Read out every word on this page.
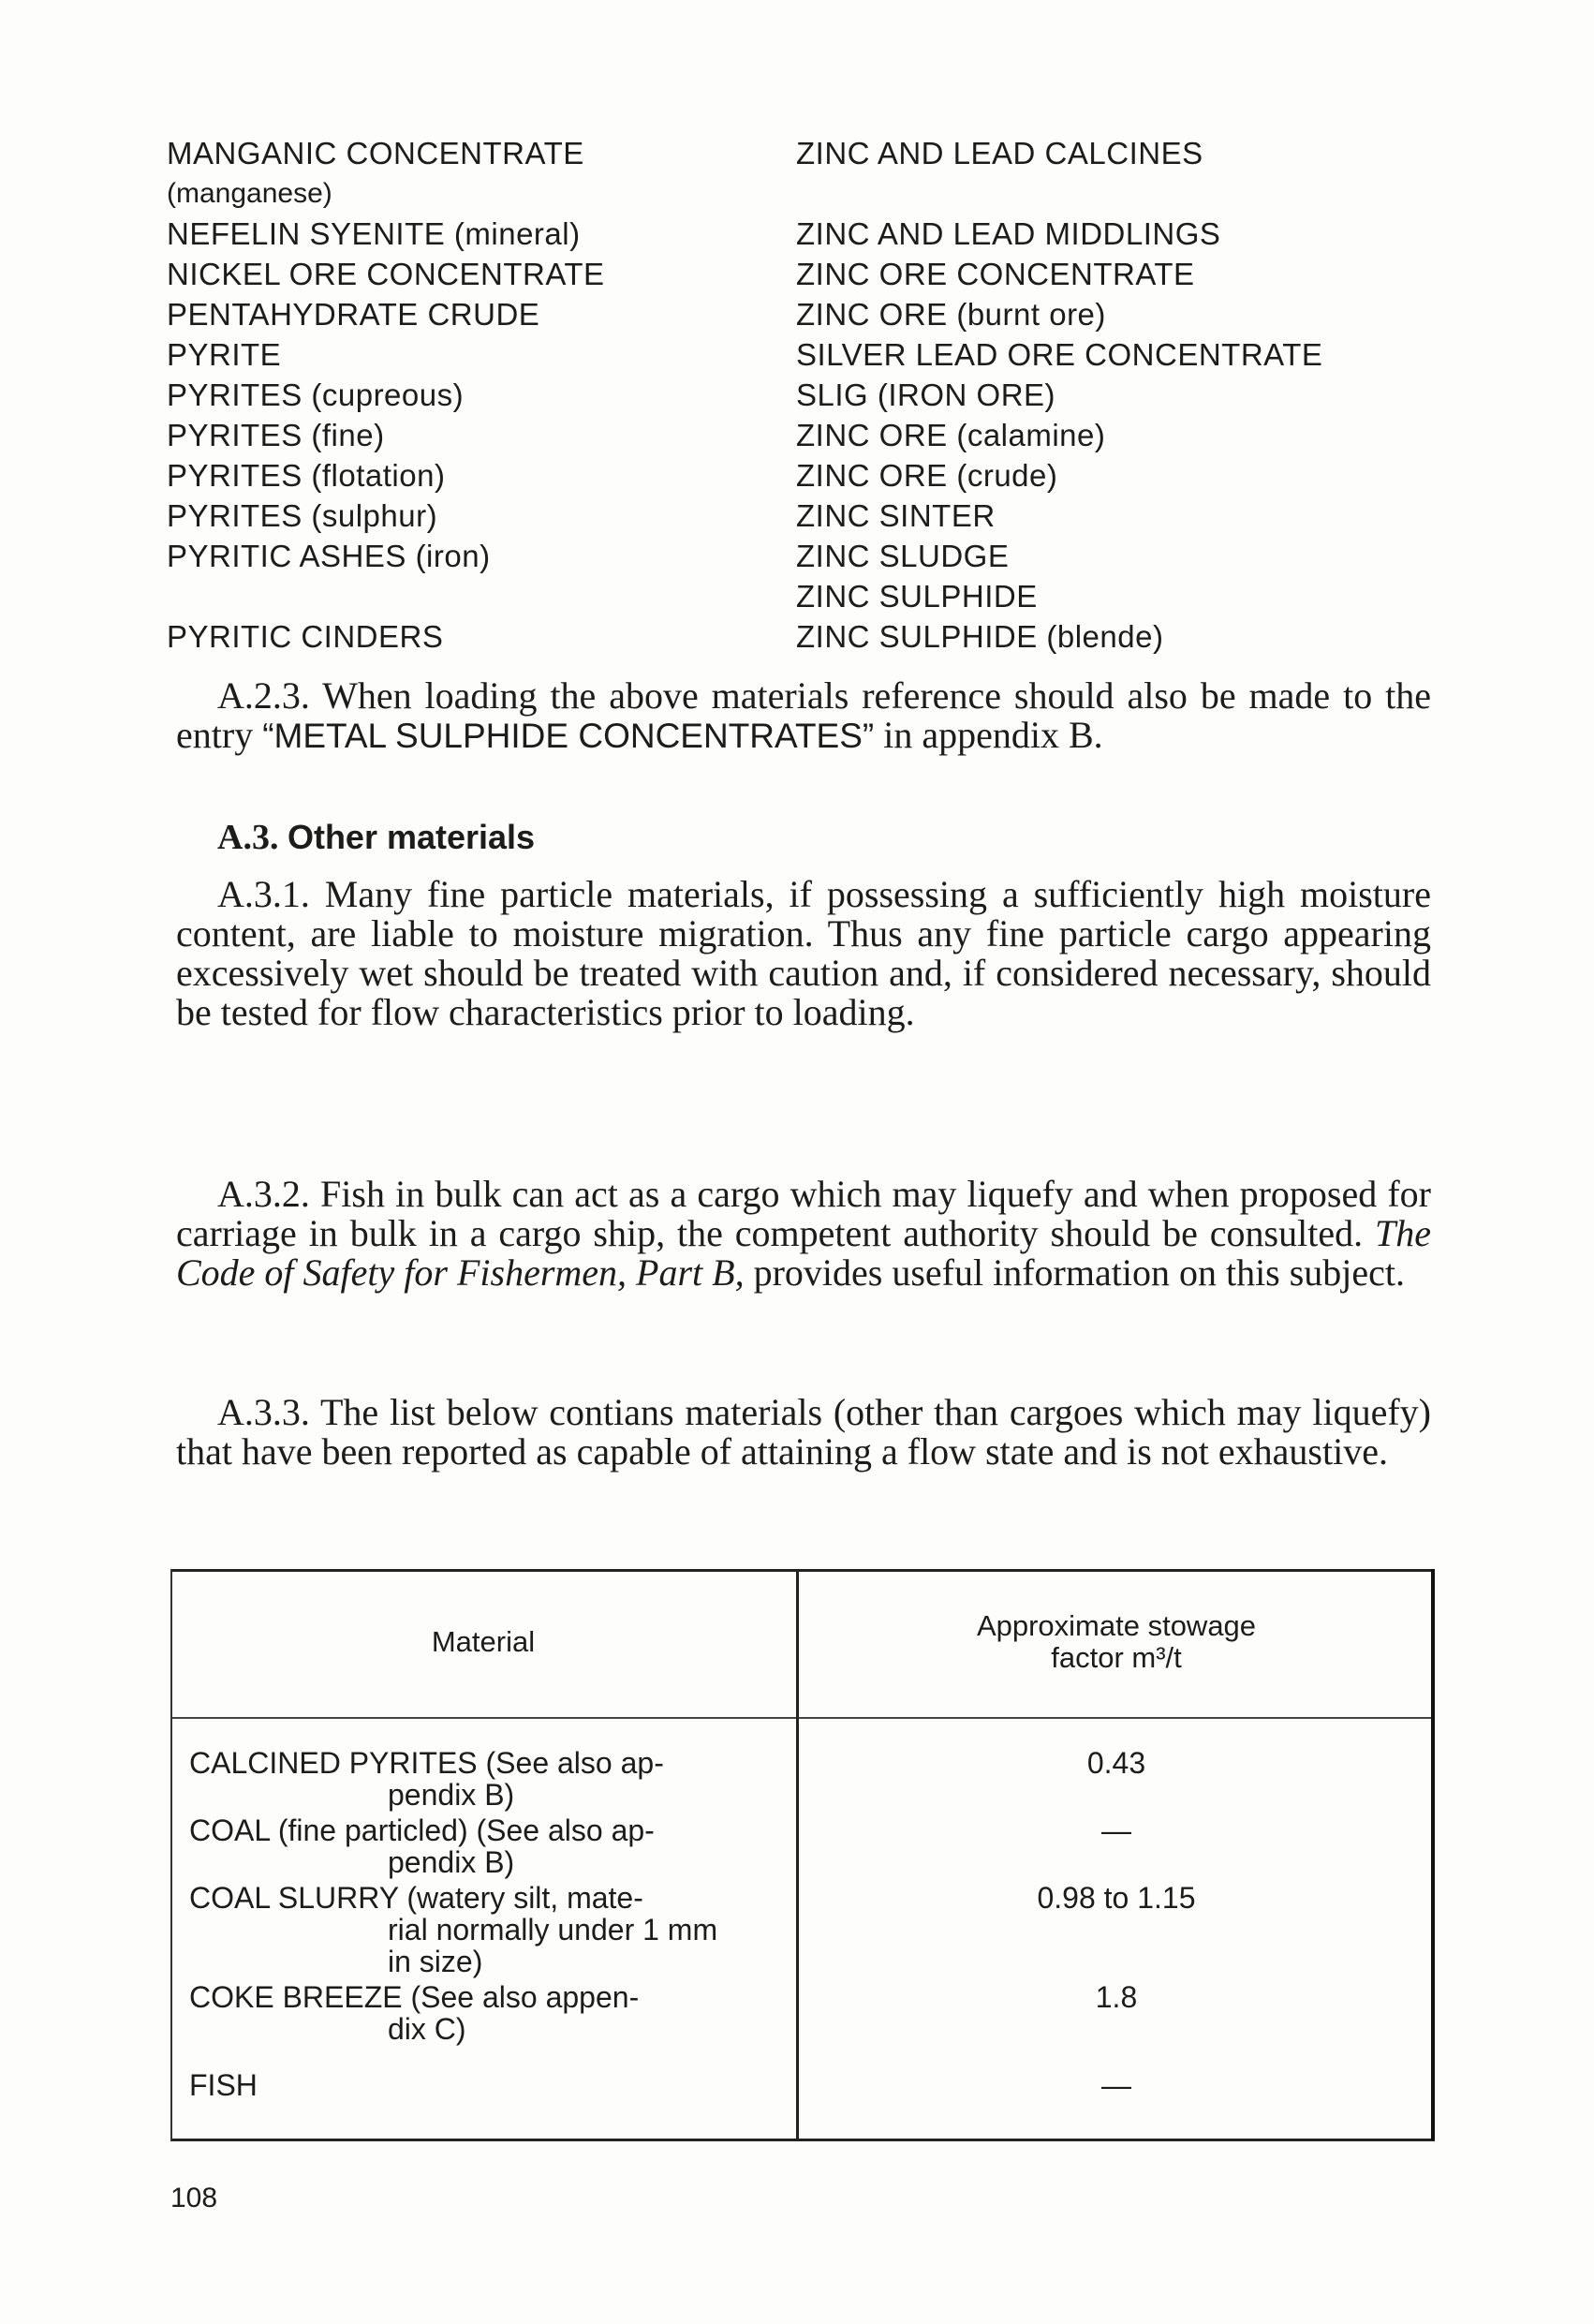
MANGANIC CONCENTRATE
(manganese)
NEFELIN SYENITE (mineral)
NICKEL ORE CONCENTRATE
PENTAHYDRATE CRUDE
PYRITE
PYRITES (cupreous)
PYRITES (fine)
PYRITES (flotation)
PYRITES (sulphur)
PYRITIC ASHES (iron)
PYRITIC CINDERS
ZINC AND LEAD CALCINES
ZINC AND LEAD MIDDLINGS
ZINC ORE CONCENTRATE
ZINC ORE (burnt ore)
SILVER LEAD ORE CONCENTRATE
SLIG (IRON ORE)
ZINC ORE (calamine)
ZINC ORE (crude)
ZINC SINTER
ZINC SLUDGE
ZINC SULPHIDE
ZINC SULPHIDE (blende)

A.2.3. When loading the above materials reference should also be made to the entry “METAL SULPHIDE CONCENTRATES” in appendix B.

A.3. Other materials

A.3.1. Many fine particle materials, if possessing a sufficiently high moisture content, are liable to moisture migration. Thus any fine particle cargo appearing excessively wet should be treated with caution and, if considered necessary, should be tested for flow characteristics prior to loading.

A.3.2. Fish in bulk can act as a cargo which may liquefy and when proposed for carriage in bulk in a cargo ship, the competent authority should be consulted. The Code of Safety for Fishermen, Part B, provides useful information on this subject.

A.3.3. The list below contians materials (other than cargoes which may liquefy) that have been reported as capable of attaining a flow state and is not exhaustive.

Material	Approximate stowage
factor m³/t
CALCINED PYRITES (See also ap-
pendix B)
0.43
COAL (fine particled) (See also ap-
pendix B)
—
COAL SLURRY (watery silt, mate-
rial normally under 1 mm
in size)
0.98 to 1.15
COKE BREEZE (See also appen-
dix C)
1.8
FISH	—
108
